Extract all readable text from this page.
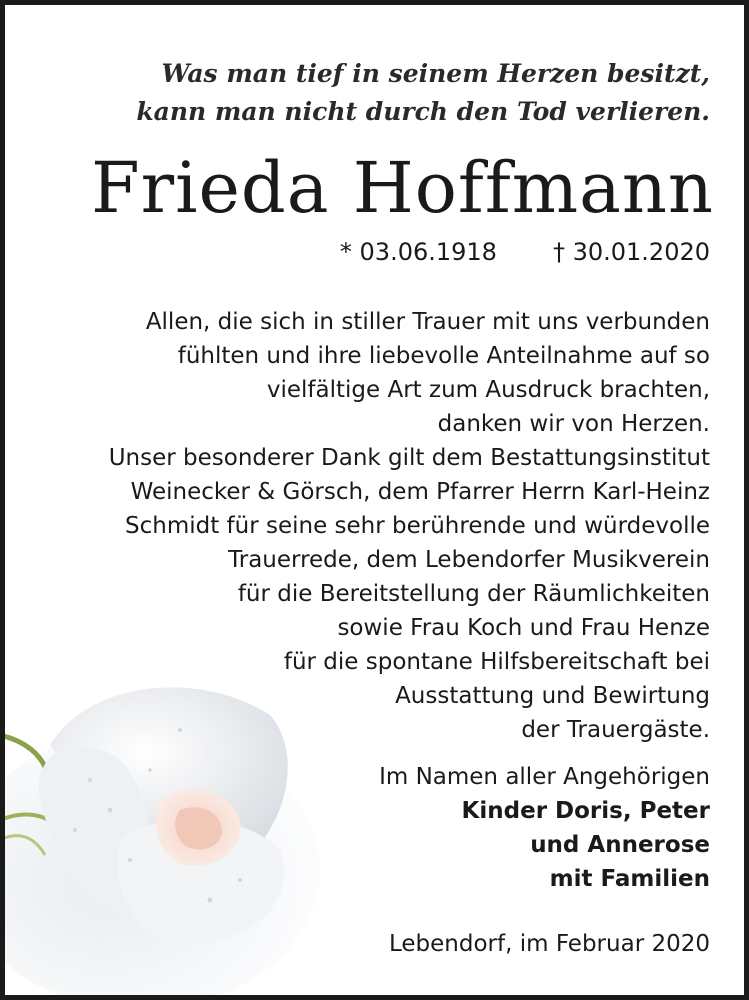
Was man tief in seinem Herzen besitzt,
kann man nicht durch den Tod verlieren.
Frieda Hoffmann
* 03.06.1918 † 30.01.2020
Allen, die sich in stiller Trauer mit uns verbunden
fühlten und ihre liebevolle Anteilnahme auf so
vielfältige Art zum Ausdruck brachten,
danken wir von Herzen.
Unser besonderer Dank gilt dem Bestattungsinstitut
Weinecker & Görsch, dem Pfarrer Herrn Karl-Heinz
Schmidt für seine sehr berührende und würdevolle
Trauerrede, dem Lebendorfer Musikverein
für die Bereitstellung der Räumlichkeiten
sowie Frau Koch und Frau Henze
für die spontane Hilfsbereitschaft bei
Ausstattung und Bewirtung
der Trauergäste.
Im Namen aller Angehörigen
Kinder Doris, Peter
und Annerose
mit Familien
Lebendorf, im Februar 2020
